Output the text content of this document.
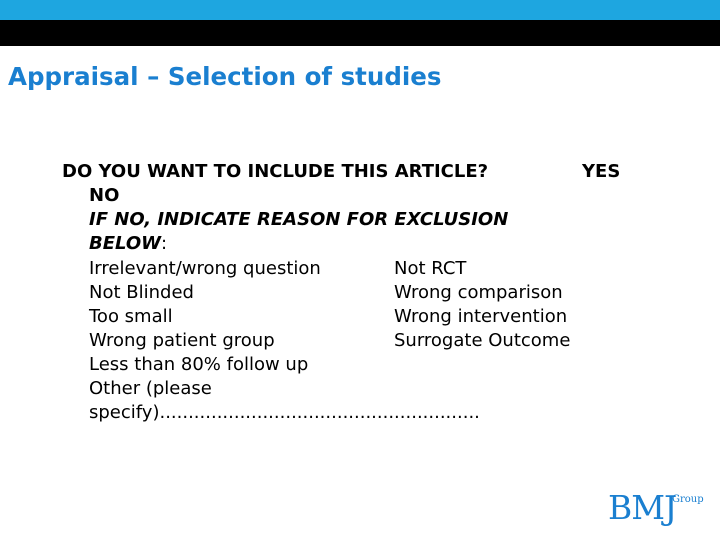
Appraisal – Selection of studies
DO YOU WANT TO INCLUDE THIS ARTICLE?	YES
NO
IF NO, INDICATE REASON FOR EXCLUSION
BELOW:
Irrelevant/wrong question	Not RCT
Not Blinded	Wrong comparison
Too small	Wrong intervention
Wrong patient group	Surrogate Outcome
Less than 80% follow up
Other (please
specify)........................................................
BMJ
Group
